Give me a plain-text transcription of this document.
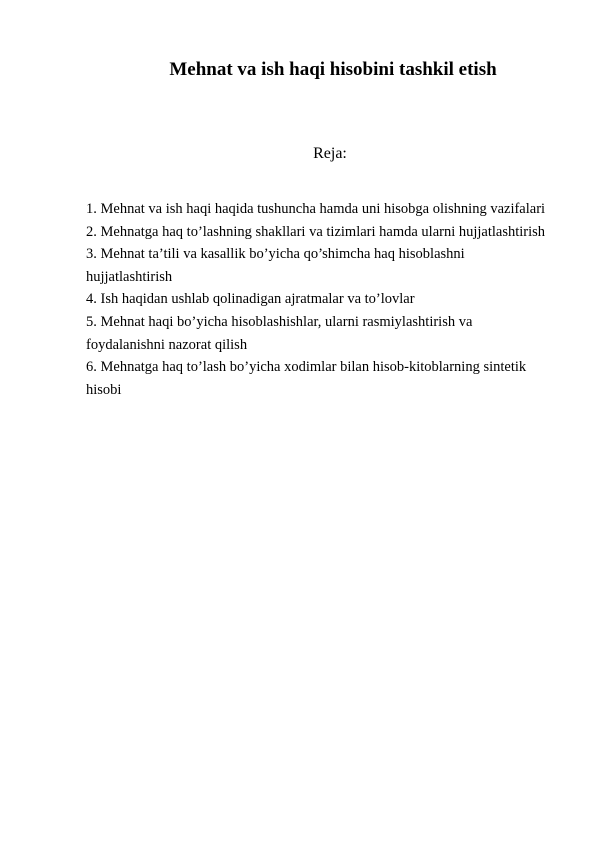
Mehnat va ish haqi hisobini tashkil etish
Reja:
1. Mehnat va ish haqi haqida tushuncha hamda uni hisobga olishning vazifalari
2. Mehnatga haq to’lashning shakllari va tizimlari hamda ularni hujjatlashtirish
3. Mehnat ta’tili va kasallik bo’yicha qo’shimcha haq hisoblashni hujjatlashtirish
4. Ish haqidan ushlab qolinadigan ajratmalar va to’lovlar
5. Mehnat haqi bo’yicha hisoblashishlar, ularni rasmiylashtirish va foydalanishni nazorat qilish
6. Mehnatga haq to’lash bo’yicha xodimlar bilan hisob-kitoblarning sintetik hisobi
